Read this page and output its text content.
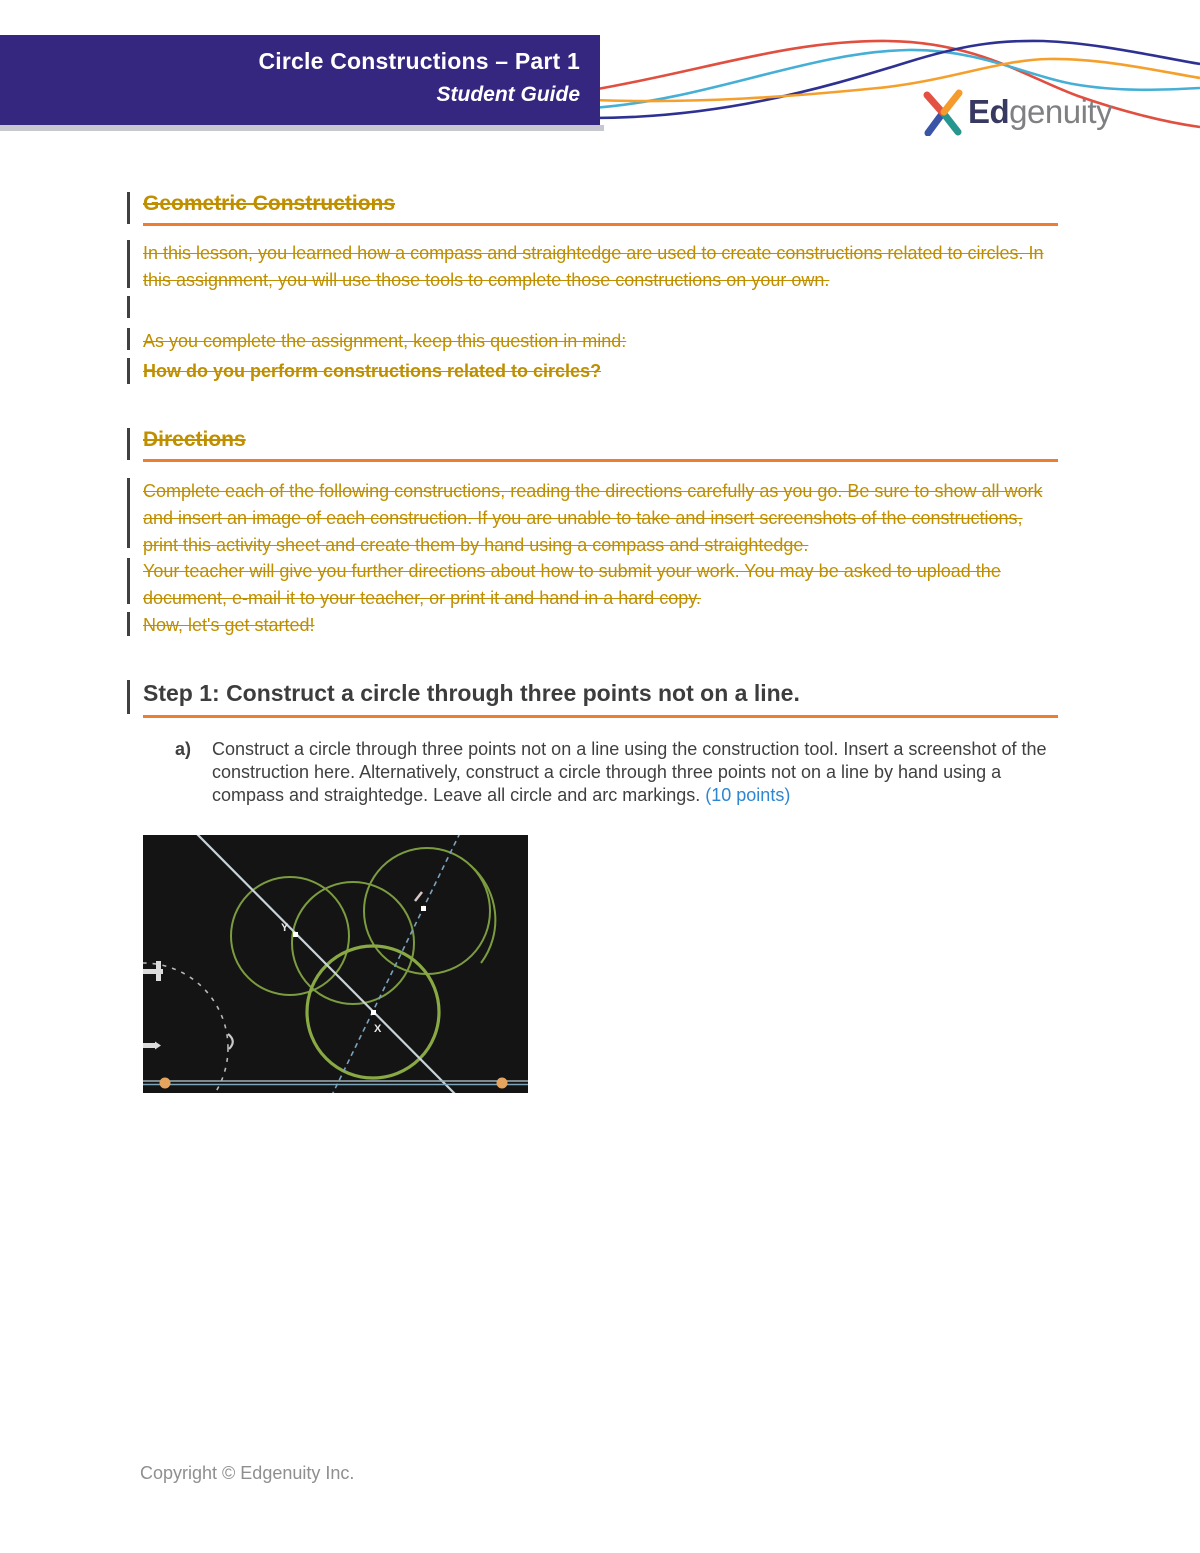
Circle Constructions – Part 1
Student Guide	Edgenuity
Geometric Constructions
In this lesson, you learned how a compass and straightedge are used to create constructions related to circles. In this assignment, you will use those tools to complete those constructions on your own.
As you complete the assignment, keep this question in mind:
How do you perform constructions related to circles?
Directions
Complete each of the following constructions, reading the directions carefully as you go. Be sure to show all work and insert an image of each construction. If you are unable to take and insert screenshots of the constructions, print this activity sheet and create them by hand using a compass and straightedge.
Your teacher will give you further directions about how to submit your work. You may be asked to upload the document, e-mail it to your teacher, or print it and hand in a hard copy.
Now, let's get started!
Step 1: Construct a circle through three points not on a line.
a)	Construct a circle through three points not on a line using the construction tool. Insert a screenshot of the construction here. Alternatively, construct a circle through three points not on a line by hand using a compass and straightedge. Leave all circle and arc markings. (10 points)
Y
X
Copyright © Edgenuity Inc.
